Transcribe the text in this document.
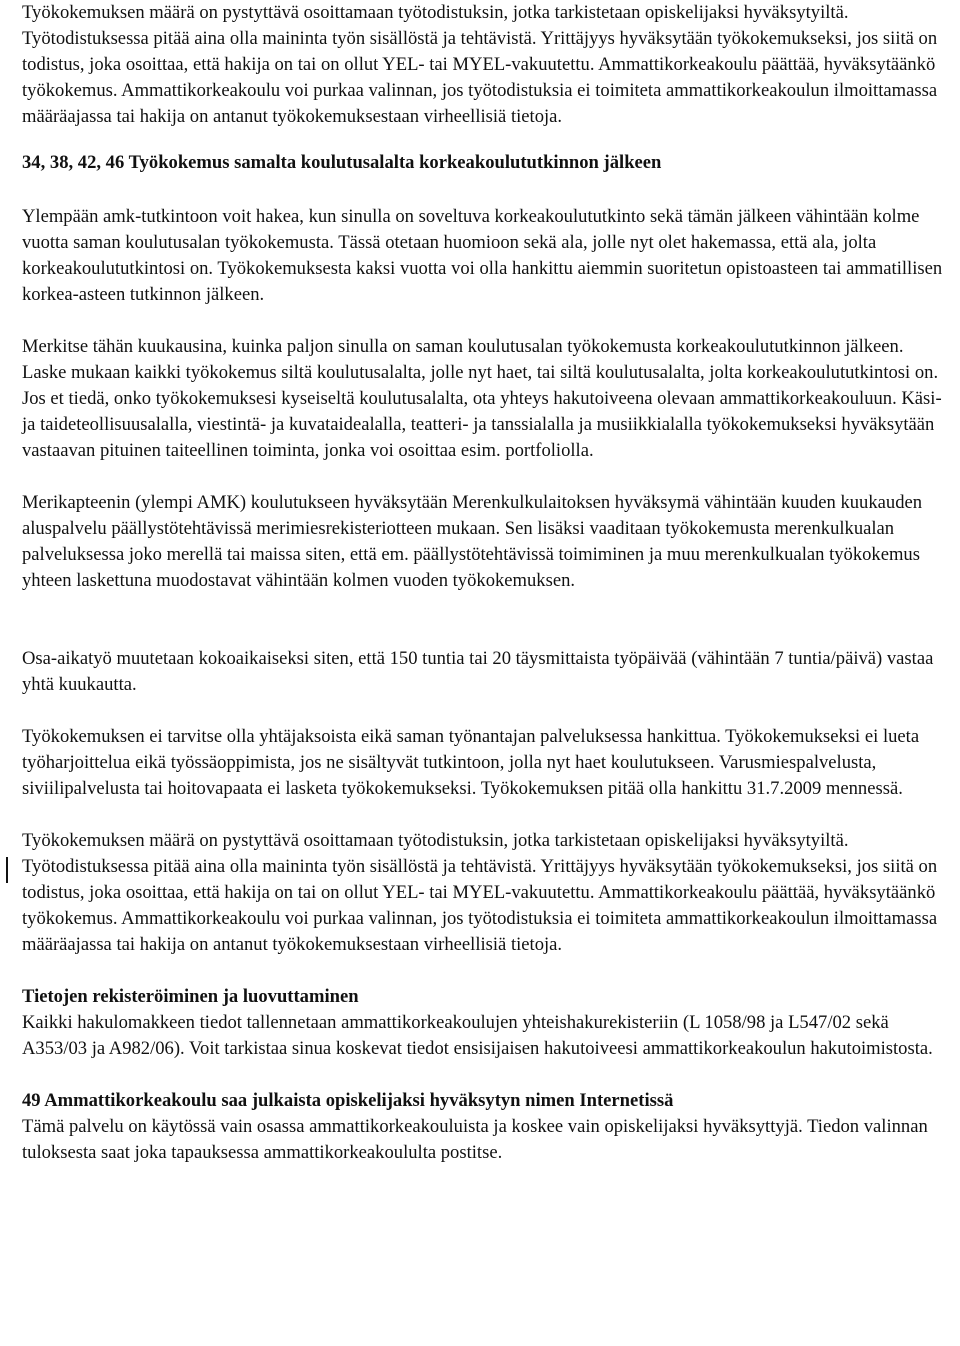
Työkokemuksen määrä on pystyttävä osoittamaan työtodistuksin, jotka tarkistetaan opiskelijaksi hyväksytyiltä. Työtodistuksessa pitää aina olla maininta työn sisällöstä ja tehtävistä. Yrittäjyys hyväksytään työkokemukseksi, jos siitä on todistus, joka osoittaa, että hakija on tai on ollut YEL- tai MYEL-vakuutettu. Ammattikorkeakoulu päättää, hyväksytäänkö työkokemus. Ammattikorkeakoulu voi purkaa valinnan, jos työtodistuksia ei toimiteta ammattikorkeakoulun ilmoittamassa määräajassa tai hakija on antanut työkokemuksestaan virheellisiä tietoja.

34, 38, 42, 46 Työkokemus samalta koulutusalalta korkeakoulututkinnon jälkeen

Ylempään amk-tutkintoon voit hakea, kun sinulla on soveltuva korkeakoulututkinto sekä tämän jälkeen vähintään kolme vuotta saman koulutusalan työkokemusta. Tässä otetaan huomioon sekä ala, jolle nyt olet hakemassa, että ala, jolta korkeakoulututkintosi on. Työkokemuksesta kaksi vuotta voi olla hankittu aiemmin suoritetun opistoasteen tai ammatillisen korkea-asteen tutkinnon jälkeen.

Merkitse tähän kuukausina, kuinka paljon sinulla on saman koulutusalan työkokemusta korkeakoulututkinnon jälkeen. Laske mukaan kaikki työkokemus siltä koulutusalalta, jolle nyt haet, tai siltä koulutusalalta, jolta korkeakoulututkintosi on. Jos et tiedä, onko työkokemuksesi kyseiseltä koulutusalalta, ota yhteys hakutoiveena olevaan ammattikorkeakouluun. Käsi- ja taideteollisuusalalla, viestintä- ja kuvataidealalla, teatteri- ja tanssialalla ja musiikkialalla työkokemukseksi hyväksytään vastaavan pituinen taiteellinen toiminta, jonka voi osoittaa esim. portfoliolla.

Merikapteenin (ylempi AMK) koulutukseen hyväksytään Merenkulkulaitoksen hyväksymä vähintään kuuden kuukauden aluspalvelu päällystötehtävissä merimiesrekisteriotteen mukaan. Sen lisäksi vaaditaan työkokemusta merenkulkualan palveluksessa joko merellä tai maissa siten, että em. päällystötehtävissä toimiminen ja muu merenkulkualan työkokemus yhteen laskettuna muodostavat vähintään kolmen vuoden työkokemuksen.

Osa-aikatyö muutetaan kokoaikaiseksi siten, että 150 tuntia tai 20 täysmittaista työpäivää (vähintään 7 tuntia/päivä) vastaa yhtä kuukautta.

Työkokemuksen ei tarvitse olla yhtäjaksoista eikä saman työnantajan palveluksessa hankittua. Työkokemukseksi ei lueta työharjoittelua eikä työssäoppimista, jos ne sisältyvät tutkintoon, jolla nyt haet koulutukseen. Varusmiespalvelusta, siviilipalvelusta tai hoitovapaata ei lasketa työkokemukseksi. Työkokemuksen pitää olla hankittu 31.7.2009 mennessä.

Työkokemuksen määrä on pystyttävä osoittamaan työtodistuksin, jotka tarkistetaan opiskelijaksi hyväksytyiltä. Työtodistuksessa pitää aina olla maininta työn sisällöstä ja tehtävistä. Yrittäjyys hyväksytään työkokemukseksi, jos siitä on todistus, joka osoittaa, että hakija on tai on ollut YEL- tai MYEL-vakuutettu. Ammattikorkeakoulu päättää, hyväksytäänkö työkokemus. Ammattikorkeakoulu voi purkaa valinnan, jos työtodistuksia ei toimiteta ammattikorkeakoulun ilmoittamassa määräajassa tai hakija on antanut työkokemuksestaan virheellisiä tietoja.

Tietojen rekisteröiminen ja luovuttaminen

Kaikki hakulomakkeen tiedot tallennetaan ammattikorkeakoulujen yhteishakurekisteriin (L 1058/98 ja L547/02 sekä A353/03 ja A982/06). Voit tarkistaa sinua koskevat tiedot ensisijaisen hakutoiveesi ammattikorkeakoulun hakutoimistosta.

49 Ammattikorkeakoulu saa julkaista opiskelijaksi hyväksytyn nimen Internetissä

Tämä palvelu on käytössä vain osassa ammattikorkeakouluista ja koskee vain opiskelijaksi hyväksyttyjä. Tiedon valinnan tuloksesta saat joka tapauksessa ammattikorkeakoululta postitse.
